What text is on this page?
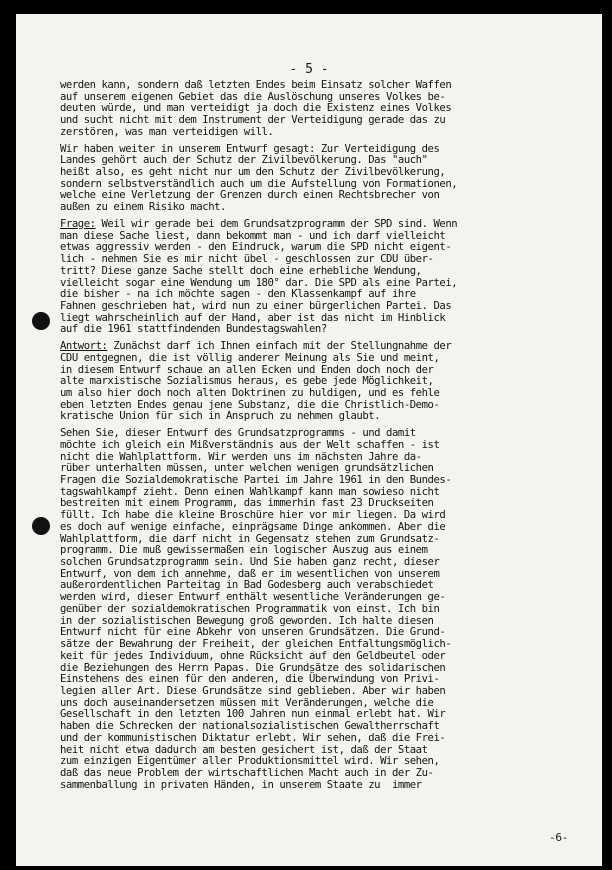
- 5 -
werden kann, sondern daß letzten Endes beim Einsatz solcher Waffen
auf unserem eigenen Gebiet das die Auslöschung unseres Volkes be-
deuten würde, und man verteidigt ja doch die Existenz eines Volkes
und sucht nicht mit dem Instrument der Verteidigung gerade das zu
zerstören, was man verteidigen will.
Wir haben weiter in unserem Entwurf gesagt: Zur Verteidigung des
Landes gehört auch der Schutz der Zivilbevölkerung. Das "auch"
heißt also, es geht nicht nur um den Schutz der Zivilbevölkerung,
sondern selbstverständlich auch um die Aufstellung von Formationen,
welche eine Verletzung der Grenzen durch einen Rechtsbrecher von
außen zu einem Risiko macht.
Frage: Weil wir gerade bei dem Grundsatzprogramm der SPD sind. Wenn
man diese Sache liest, dann bekommt man - und ich darf vielleicht
etwas aggressiv werden - den Eindruck, warum die SPD nicht eigent-
lich - nehmen Sie es mir nicht übel - geschlossen zur CDU über-
tritt? Diese ganze Sache stellt doch eine erhebliche Wendung,
vielleicht sogar eine Wendung um 180° dar. Die SPD als eine Partei,
die bisher - na ich möchte sagen - den Klassenkampf auf ihre
Fahnen geschrieben hat, wird nun zu einer bürgerlichen Partei. Das
liegt wahrscheinlich auf der Hand, aber ist das nicht im Hinblick
auf die 1961 stattfindenden Bundestagswahlen?
Antwort: Zunächst darf ich Ihnen einfach mit der Stellungnahme der
CDU entgegnen, die ist völlig anderer Meinung als Sie und meint,
in diesem Entwurf schaue an allen Ecken und Enden doch noch der
alte marxistische Sozialismus heraus, es gebe jede Möglichkeit,
um also hier doch noch alten Doktrinen zu huldigen, und es fehle
eben letzten Endes genau jene Substanz, die die Christlich-Demo-
kratische Union für sich in Anspruch zu nehmen glaubt.
Sehen Sie, dieser Entwurf des Grundsatzprogramms - und damit
möchte ich gleich ein Mißverständnis aus der Welt schaffen - ist
nicht die Wahlplattform. Wir werden uns im nächsten Jahre da-
rüber unterhalten müssen, unter welchen wenigen grundsätzlichen
Fragen die Sozialdemokratische Partei im Jahre 1961 in den Bundes-
tagswahlkampf zieht. Denn einen Wahlkampf kann man sowieso nicht
bestreiten mit einem Programm, das immerhin fast 23 Druckseiten
füllt. Ich habe die kleine Broschüre hier vor mir liegen. Da wird
es doch auf wenige einfache, einprägsame Dinge ankommen. Aber die
Wahlplattform, die darf nicht in Gegensatz stehen zum Grundsatz-
programm. Die muß gewissermaßen ein logischer Auszug aus einem
solchen Grundsatzprogramm sein. Und Sie haben ganz recht, dieser
Entwurf, von dem ich annehme, daß er im wesentlichen von unserem
außerordentlichen Parteitag in Bad Godesberg auch verabschiedet
werden wird, dieser Entwurf enthält wesentliche Veränderungen ge-
genüber der sozialdemokratischen Programmatik von einst. Ich bin
in der sozialistischen Bewegung groß geworden. Ich halte diesen
Entwurf nicht für eine Abkehr von unseren Grundsätzen. Die Grund-
sätze der Bewahrung der Freiheit, der gleichen Entfaltungsmöglich-
keit für jedes Individuum, ohne Rücksicht auf den Geldbeutel oder
die Beziehungen des Herrn Papas. Die Grundsätze des solidarischen
Einstehens des einen für den anderen, die Überwindung von Privi-
legien aller Art. Diese Grundsätze sind geblieben. Aber wir haben
uns doch auseinandersetzen müssen mit Veränderungen, welche die
Gesellschaft in den letzten 100 Jahren nun einmal erlebt hat. Wir
haben die Schrecken der nationalsozialistischen Gewaltherrschaft
und der kommunistischen Diktatur erlebt. Wir sehen, daß die Frei-
heit nicht etwa dadurch am besten gesichert ist, daß der Staat
zum einzigen Eigentümer aller Produktionsmittel wird. Wir sehen,
daß das neue Problem der wirtschaftlichen Macht auch in der Zu-
sammenballung in privaten Händen, in unserem Staate zu  immer
-6-
